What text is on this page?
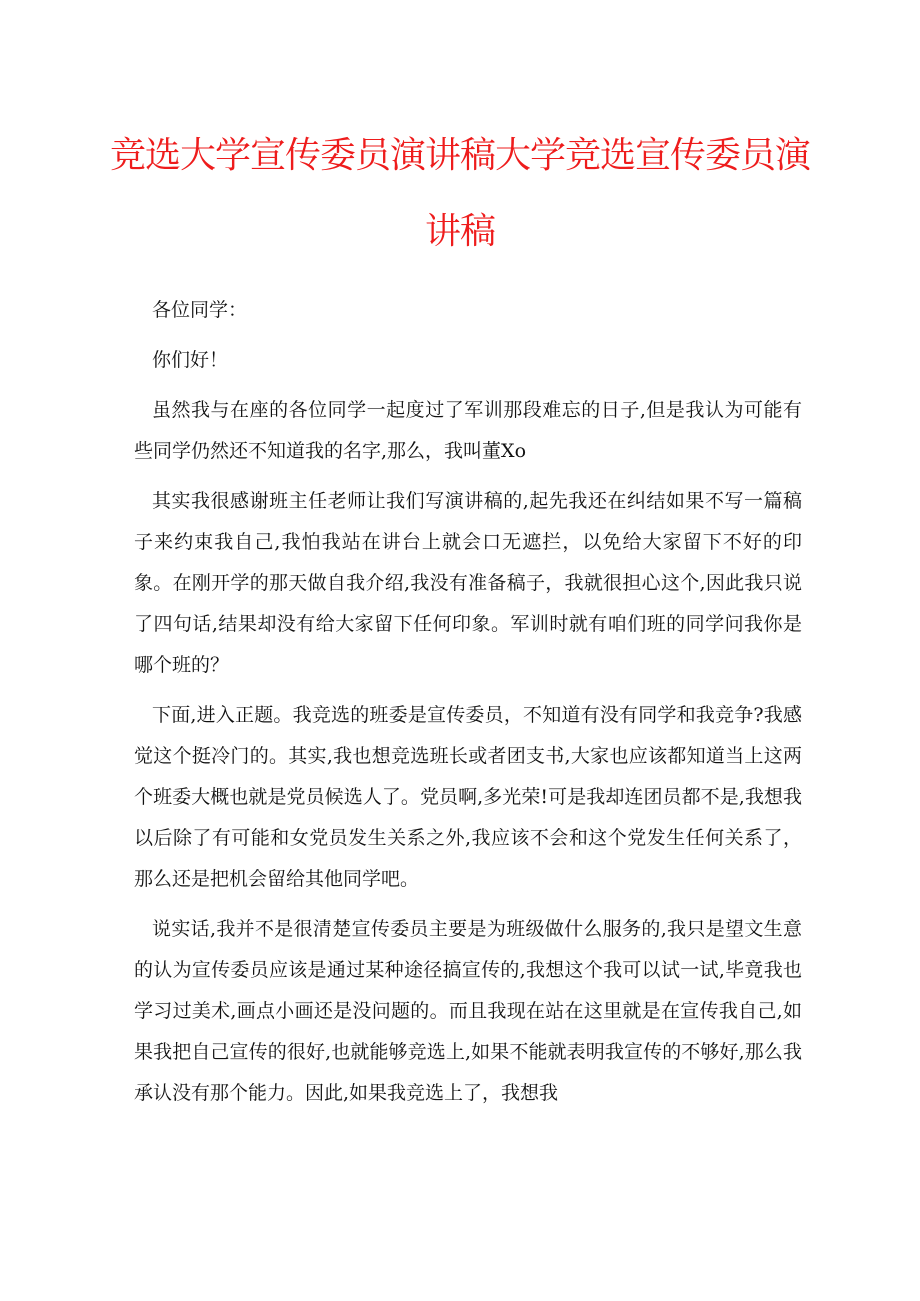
竞选大学宣传委员演讲稿大学竞选宣传委员演讲稿

各位同学：

你们好！

虽然我与在座的各位同学一起度过了军训那段难忘的日子,但是我认为可能有些同学仍然还不知道我的名字,那么，我叫董Xo

其实我很感谢班主任老师让我们写演讲稿的,起先我还在纠结如果不写一篇稿子来约束我自己,我怕我站在讲台上就会口无遮拦，以免给大家留下不好的印象。在刚开学的那天做自我介绍,我没有准备稿子，我就很担心这个,因此我只说了四句话,结果却没有给大家留下任何印象。军训时就有咱们班的同学问我你是哪个班的？

下面,进入正题。我竞选的班委是宣传委员，不知道有没有同学和我竞争?我感觉这个挺冷门的。其实,我也想竞选班长或者团支书,大家也应该都知道当上这两个班委大概也就是党员候选人了。党员啊,多光荣!可是我却连团员都不是,我想我以后除了有可能和女党员发生关系之外,我应该不会和这个党发生任何关系了，那么还是把机会留给其他同学吧。

说实话,我并不是很清楚宣传委员主要是为班级做什么服务的,我只是望文生意的认为宣传委员应该是通过某种途径搞宣传的,我想这个我可以试一试,毕竟我也学习过美术,画点小画还是没问题的。而且我现在站在这里就是在宣传我自己,如果我把自己宣传的很好,也就能够竞选上,如果不能就表明我宣传的不够好,那么我承认没有那个能力。因此,如果我竞选上了，我想我
